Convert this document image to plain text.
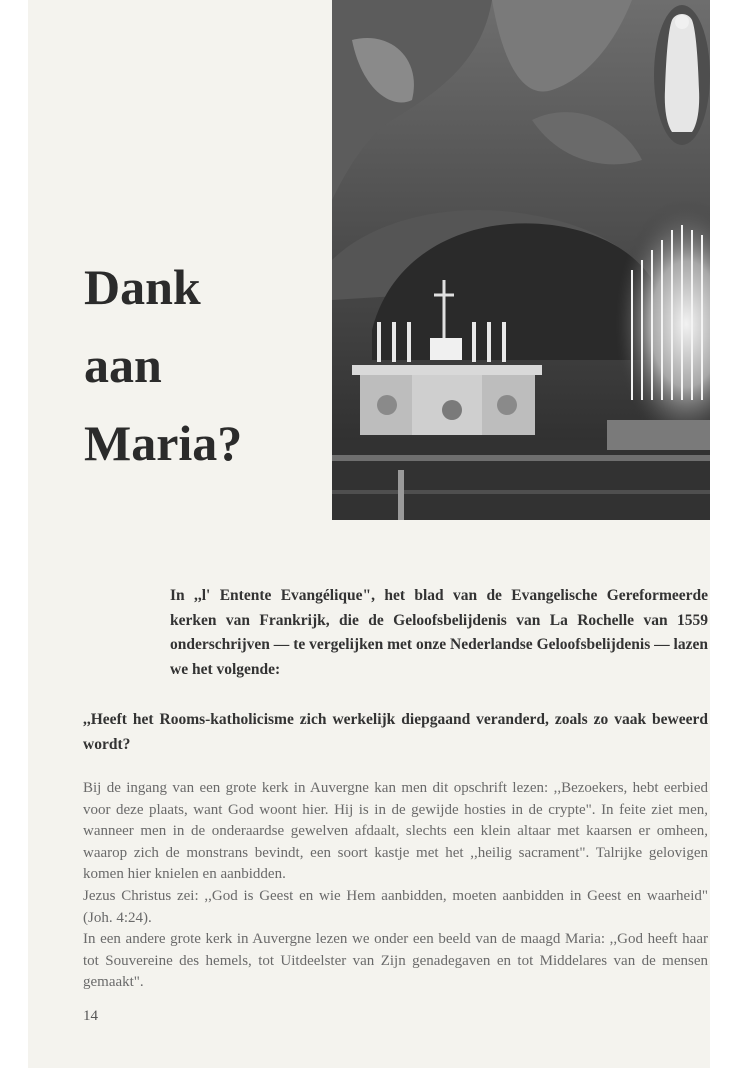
Dank
aan
Maria?
In ,,l' Entente Evangélique", het blad van de Evangelische Gereformeerde kerken van Frankrijk, die de Geloofsbelijdenis van La Rochelle van 1559 onderschrijven — te vergelijken met onze Nederlandse Geloofsbelijdenis — lazen we het volgende:
,,Heeft het Rooms-katholicisme zich werkelijk diepgaand veranderd, zoals zo vaak beweerd wordt?

Bij de ingang van een grote kerk in Auvergne kan men dit opschrift lezen: ,,Bezoekers, hebt eerbied voor deze plaats, want God woont hier. Hij is in de gewijde hosties in de crypte". In feite ziet men, wanneer men in de onderaardse gewelven afdaalt, slechts een klein altaar met kaarsen er omheen, waarop zich de monstrans bevindt, een soort kastje met het ,,heilig sacrament". Talrijke gelovigen komen hier knielen en aanbidden.

Jezus Christus zei: ,,God is Geest en wie Hem aanbidden, moeten aanbidden in Geest en waarheid" (Joh. 4:24).

In een andere grote kerk in Auvergne lezen we onder een beeld van de maagd Maria: ,,God heeft haar tot Souvereine des hemels, tot Uitdeelster van Zijn genadegaven en tot Middelares van de mensen gemaakt".

14
